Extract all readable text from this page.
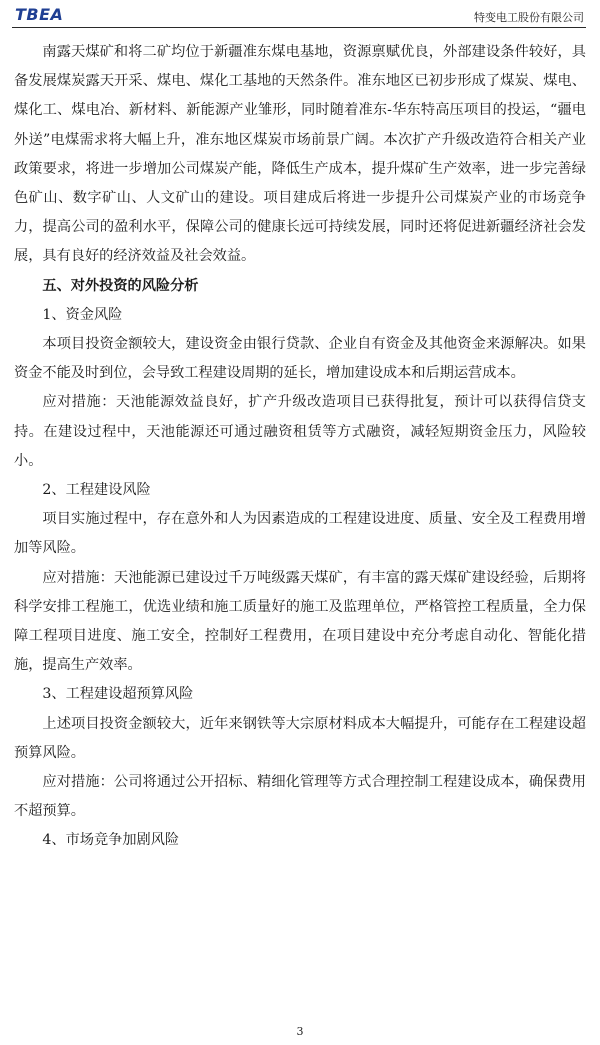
TBEA	特变电工股份有限公司

南露天煤矿和将二矿均位于新疆准东煤电基地，资源禀赋优良，外部建设条件较好，具备发展煤炭露天开采、煤电、煤化工基地的天然条件。准东地区已初步形成了煤炭、煤电、煤化工、煤电冶、新材料、新能源产业雏形，同时随着准东-华东特高压项目的投运，“疆电外送”电煤需求将大幅上升，准东地区煤炭市场前景广阔。本次扩产升级改造符合相关产业政策要求，将进一步增加公司煤炭产能，降低生产成本，提升煤矿生产效率，进一步完善绿色矿山、数字矿山、人文矿山的建设。项目建成后将进一步提升公司煤炭产业的市场竞争力，提高公司的盈利水平，保障公司的健康长远可持续发展，同时还将促进新疆经济社会发展，具有良好的经济效益及社会效益。

五、对外投资的风险分析

1、资金风险

本项目投资金额较大，建设资金由银行贷款、企业自有资金及其他资金来源解决。如果资金不能及时到位，会导致工程建设周期的延长，增加建设成本和后期运营成本。

应对措施：天池能源效益良好，扩产升级改造项目已获得批复，预计可以获得信贷支持。在建设过程中，天池能源还可通过融资租赁等方式融资，减轻短期资金压力，风险较小。

2、工程建设风险

项目实施过程中，存在意外和人为因素造成的工程建设进度、质量、安全及工程费用增加等风险。

应对措施：天池能源已建设过千万吨级露天煤矿，有丰富的露天煤矿建设经验，后期将科学安排工程施工，优选业绩和施工质量好的施工及监理单位，严格管控工程质量，全力保障工程项目进度、施工安全，控制好工程费用，在项目建设中充分考虑自动化、智能化措施，提高生产效率。

3、工程建设超预算风险

上述项目投资金额较大，近年来钢铁等大宗原材料成本大幅提升，可能存在工程建设超预算风险。

应对措施：公司将通过公开招标、精细化管理等方式合理控制工程建设成本，确保费用不超预算。

4、市场竞争加剧风险

3
